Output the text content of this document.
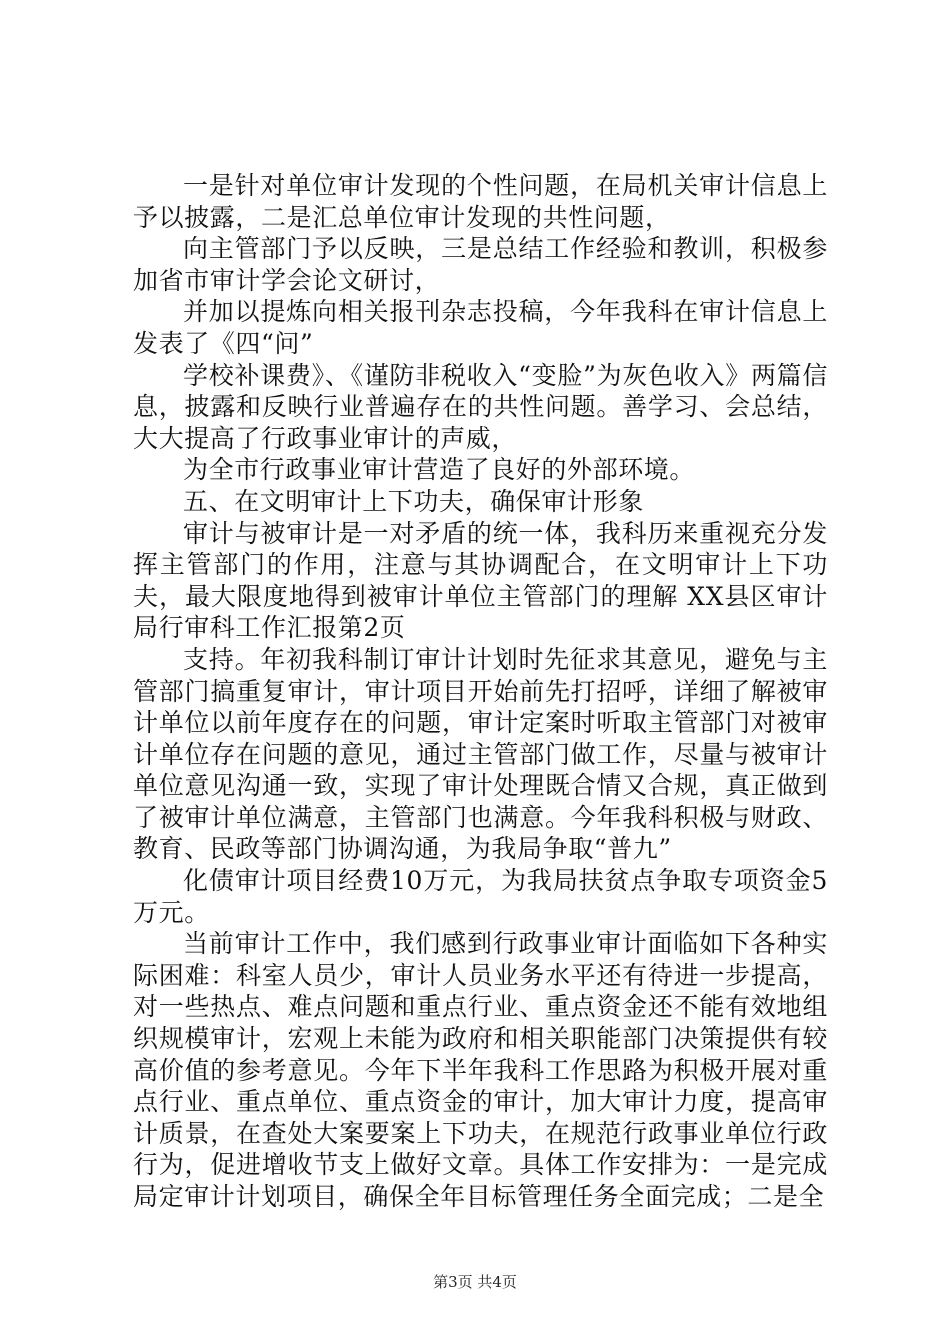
一是针对单位审计发现的个性问题，在局机关审计信息上予以披露，二是汇总单位审计发现的共性问题，

向主管部门予以反映，三是总结工作经验和教训，积极参加省市审计学会论文研讨，

并加以提炼向相关报刊杂志投稿，今年我科在审计信息上发表了《四“问”

学校补课费》、《谨防非税收入“变脸”为灰色收入》两篇信息，披露和反映行业普遍存在的共性问题。善学习、会总结，大大提高了行政事业审计的声威，

为全市行政事业审计营造了良好的外部环境。

五、在文明审计上下功夫，确保审计形象

审计与被审计是一对矛盾的统一体，我科历来重视充分发挥主管部门的作用，注意与其协调配合，在文明审计上下功夫，最大限度地得到被审计单位主管部门的理解 XX县区审计局行审科工作汇报第2页

支持。年初我科制订审计计划时先征求其意见，避免与主管部门搞重复审计，审计项目开始前先打招呼，详细了解被审计单位以前年度存在的问题，审计定案时听取主管部门对被审计单位存在问题的意见，通过主管部门做工作，尽量与被审计单位意见沟通一致，实现了审计处理既合情又合规，真正做到了被审计单位满意，主管部门也满意。今年我科积极与财政、教育、民政等部门协调沟通，为我局争取“普九”

化债审计项目经费10万元，为我局扶贫点争取专项资金5万元。

当前审计工作中，我们感到行政事业审计面临如下各种实际困难：科室人员少，审计人员业务水平还有待进一步提高，对一些热点、难点问题和重点行业、重点资金还不能有效地组织规模审计，宏观上未能为政府和相关职能部门决策提供有较高价值的参考意见。今年下半年我科工作思路为积极开展对重点行业、重点单位、重点资金的审计，加大审计力度，提高审计质景，在查处大案要案上下功夫，在规范行政事业单位行政行为，促进增收节支上做好文章。具体工作安排为：一是完成局定审计计划项目，确保全年目标管理任务全面完成；二是全

第3页 共4页
